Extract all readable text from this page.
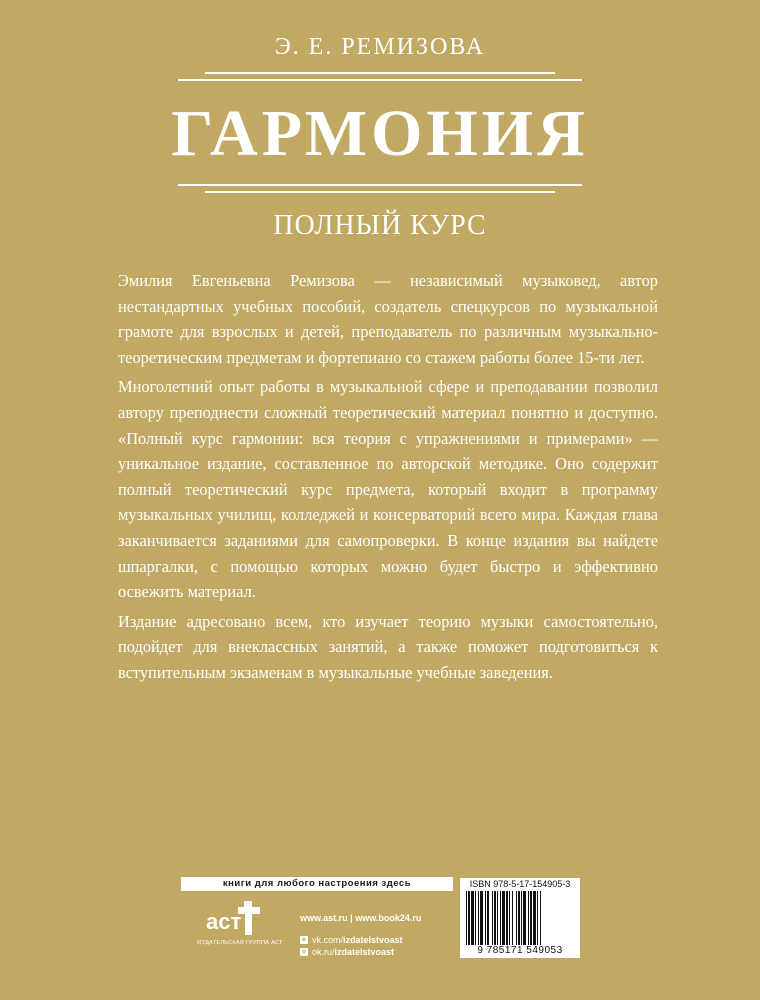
Э. Е. РЕМИЗОВА
ГАРМОНИЯ
ПОЛНЫЙ КУРС

Эмилия Евгеньевна Ремизова — независимый музыковед, автор нестандартных учебных пособий, создатель спецкурсов по музыкальной грамоте для взрослых и детей, преподаватель по различным музыкально-теоретическим предметам и фортепиано со стажем работы более 15-ти лет.

Многолетний опыт работы в музыкальной сфере и преподавании позволил автору преподнести сложный теоретический материал понятно и доступно. «Полный курс гармонии: вся теория с упражнениями и примерами» — уникальное издание, составленное по авторской методике. Оно содержит полный теоретический курс предмета, который входит в программу музыкальных училищ, колледжей и консерваторий всего мира. Каждая глава заканчивается заданиями для самопроверки. В конце издания вы найдете шпаргалки, с помощью которых можно будет быстро и эффективно освежить материал.

Издание адресовано всем, кто изучает теорию музыки самостоятельно, подойдет для внеклассных занятий, а также поможет подготовиться к вступительным экзаменам в музыкальные учебные заведения.

книги для любого настроения здесь
аст
ИЗДАТЕЛЬСКАЯ ГРУППА АСТ
www.ast.ru | www.book24.ru
в vk.com/ izdatelstvoast
о ok.ru/ izdatelstvoast
ISBN 978-5-17-154905-3
9 785171 549053
